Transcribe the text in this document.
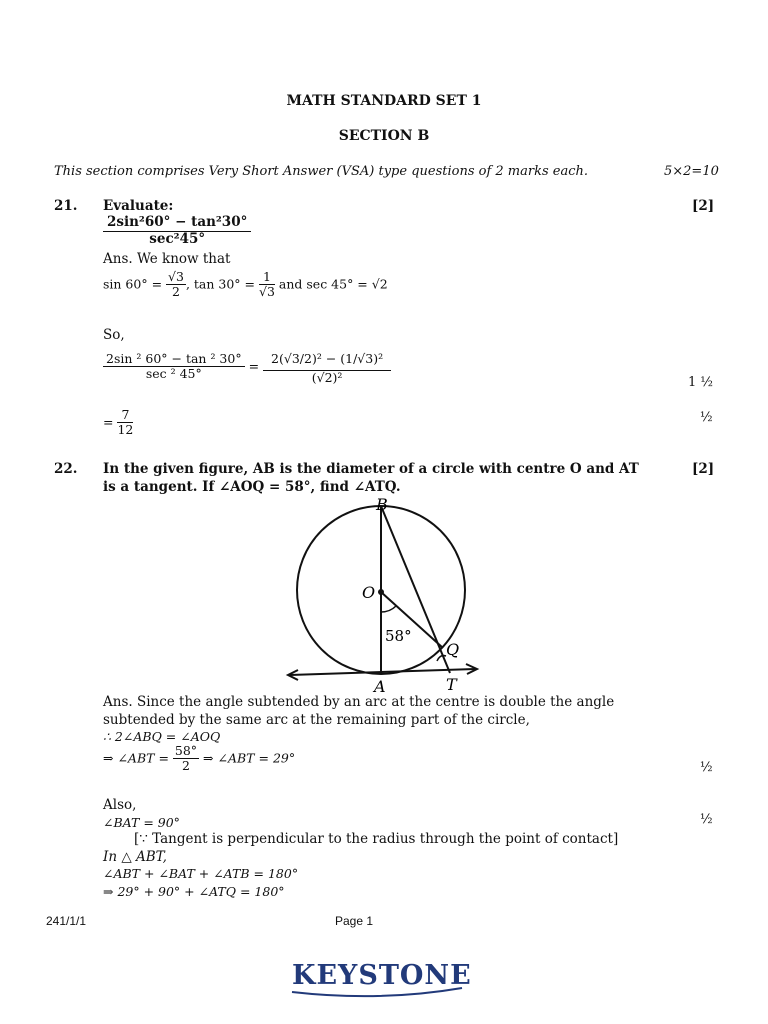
MATH STANDARD SET 1
SECTION B
This section comprises Very Short Answer (VSA) type questions of 2 marks each.	5×2=10
21. Evaluate:	[2]
$\frac{\text{2sin²60° − tan²30°}}{\text{sec²45°}}$
Ans. We know that
$\sin 60^\circ = \frac{√3}{2}$ , $\tan 30^\circ = \frac{1}{√3}$ and sec 45° = √2
So,
$\frac{\text{2sin ² 60° − tan ² 30°}}{\text{sec ² 45°}} = \frac{\text{2(√3/2)² − (1/√3)²}}{\text{(√2)²}}$	1 ½
= $\frac{7}{12}$	½
22. In the given figure, AB is the diameter of a circle with centre O and AT
is a tangent. If ∠AOQ = 58°, find ∠ATQ.
[2]
B
O
58°
Q
A	T
Ans. Since the angle subtended by an arc at the centre is double the angle
subtended by the same arc at the remaining part of the circle,
∴ 2∠ABQ = ∠AOQ
⇒ ∠ABT = $\frac{58^\circ}{2}$ ⇒ ∠ABT = 29°
½
Also,
∠BAT = 90°	½
[∵ Tangent is perpendicular to the radius through the point of contact]
In △ ABT,
∠ABT + ∠BAT + ∠ATB = 180°
⇒ 29° + 90° + ∠ATQ = 180°
241/1/1	Page 1
KEYSTONE
